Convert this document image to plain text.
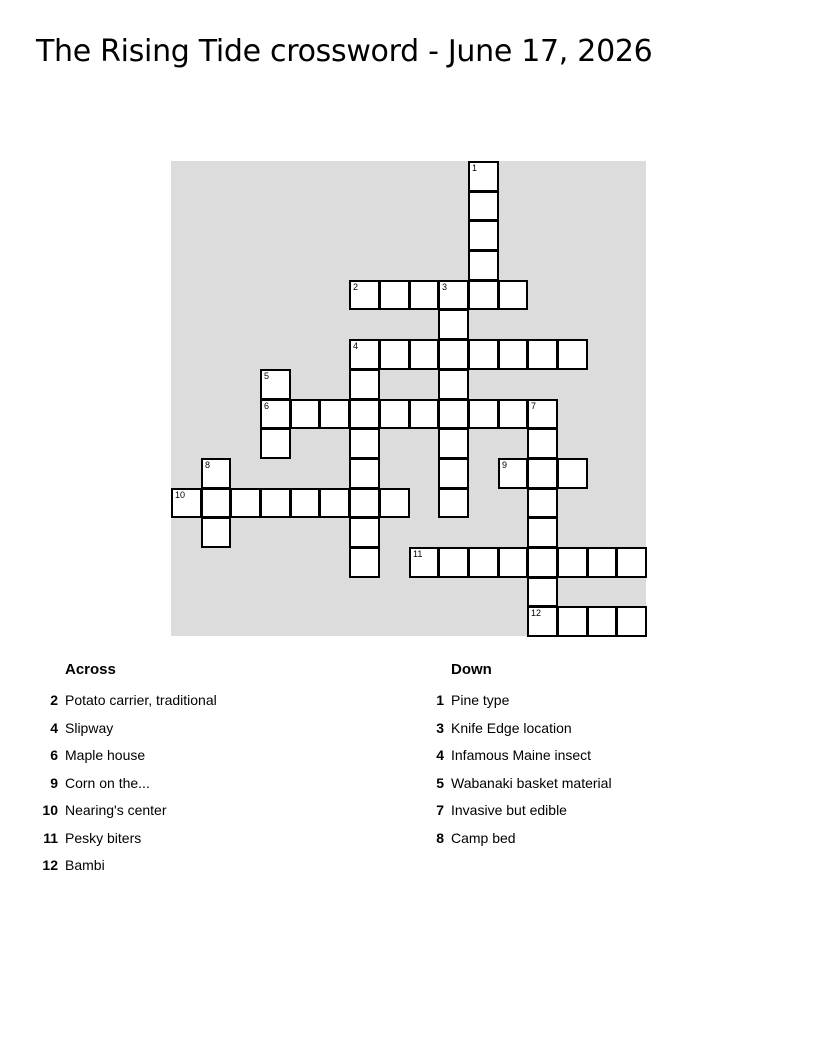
The Rising Tide crossword - June 17, 2026
1
2	3
4
5
6	7
8	9
10
11
12
Across
2 Potato carrier, traditional
4 Slipway
6 Maple house
9 Corn on the...
10 Nearing's center
11 Pesky biters
12 Bambi
Down
1 Pine type
3 Knife Edge location
4 Infamous Maine insect
5 Wabanaki basket material
7 Invasive but edible
8 Camp bed
